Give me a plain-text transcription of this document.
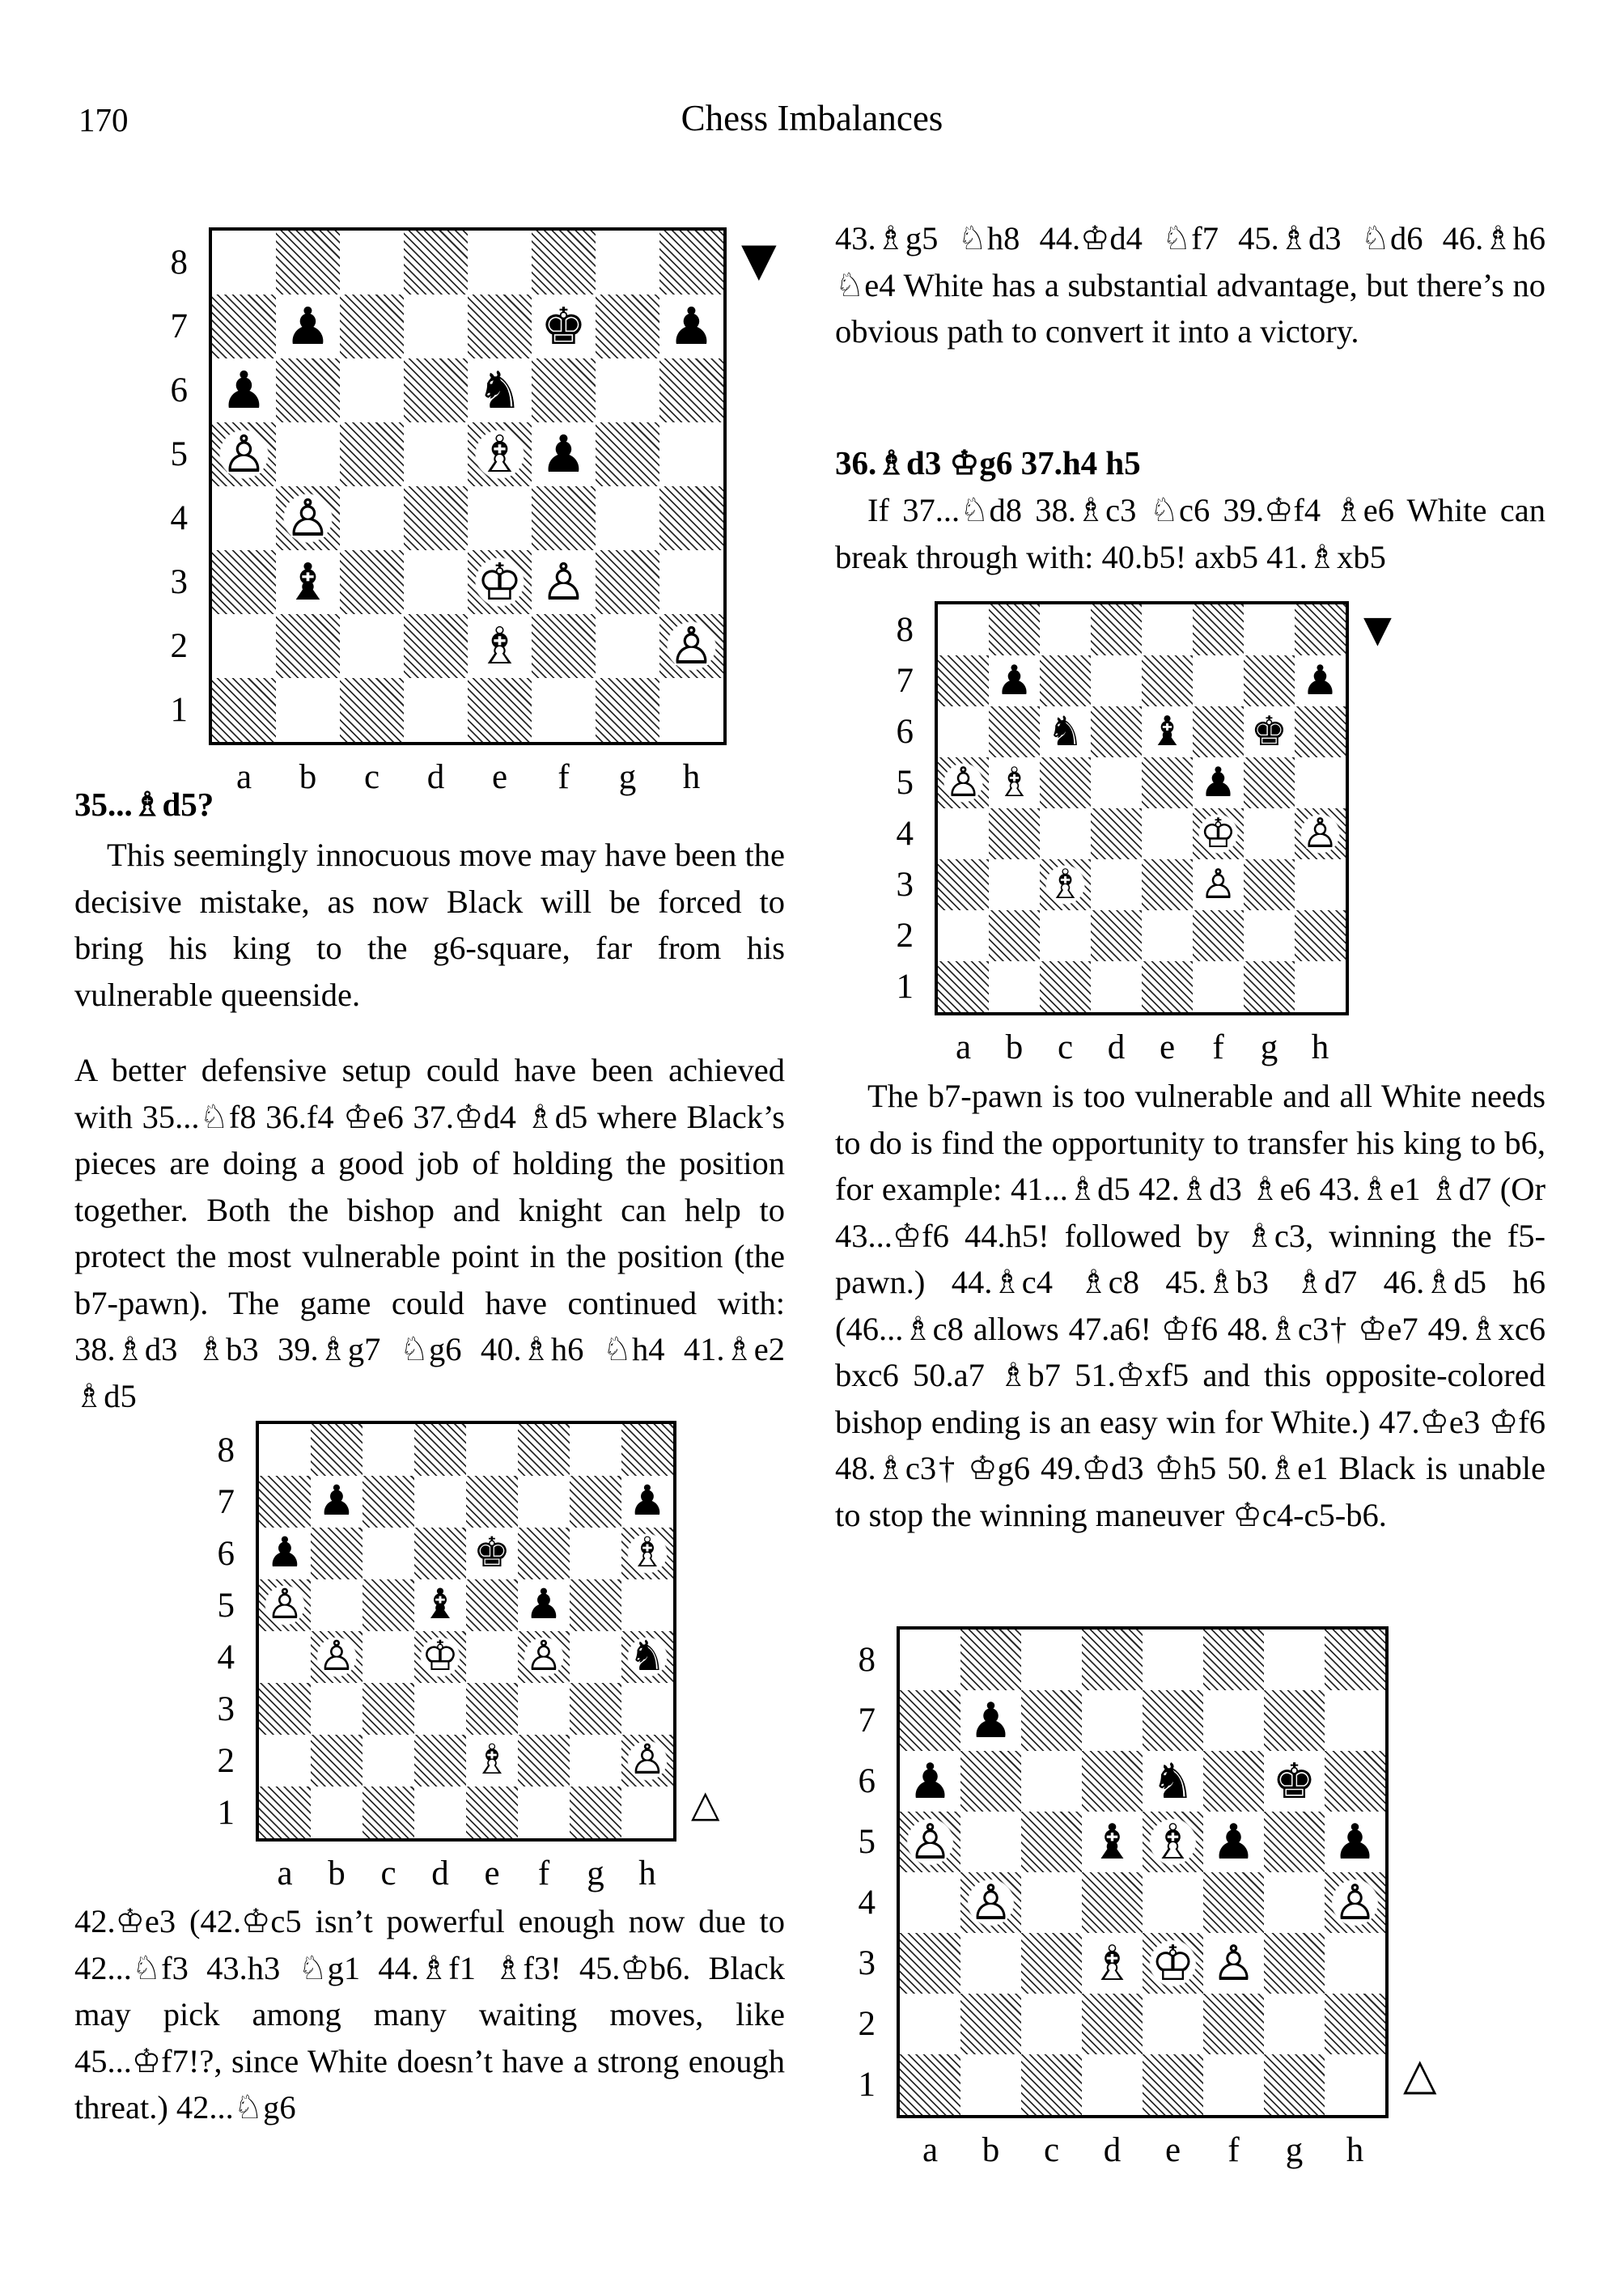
170	Chess Imbalances
8
7
6
5
4
3
2
1
♟	♚ ♟
♟	♞
♙	♗ ♟
♙
♝	♔ ♙
♗	♙
a	b	c	d	e	f	g	h
▼
35...♗d5?

This seemingly innocuous move may have been the decisive mistake, as now Black will be forced to bring his king to the g6-square, far from his vulnerable queenside.

A better defensive setup could have been achieved with 35...♘f8 36.f4 ♔e6 37.♔d4 ♗d5 where Black’s pieces are doing a good job of holding the position together. Both the bishop and knight can help to protect the most vulnerable point in the position (the b7-pawn). The game could have continued with: 38.♗d3 ♗b3 39.♗g7 ♘g6 40.♗h6 ♘h4 41.♗e2 ♗d5

8
7
6
5
4
3
2
1
♟	♟
♟	♚	♗
♙	♝ ♟
♙ ♔ ♙ ♞
♗	♙
a	b	c	d	e	f	g h
△

42.♔e3 (42.♔c5 isn’t powerful enough now due to 42...♘f3 43.h3 ♘g1 44.♗f1 ♗f3! 45.♔b6. Black may pick among many waiting moves, like 45...♔f7!?, since White doesn’t have a strong enough threat.) 42...♘g6

43.♗g5 ♘h8 44.♔d4 ♘f7 45.♗d3 ♘d6 46.♗h6 ♘e4 White has a substantial advantage, but there’s no obvious path to convert it into a victory.

36.♗d3 ♔g6 37.h4 h5

If 37...♘d8 38.♗c3 ♘c6 39.♔f4 ♗e6 White can break through with: 40.b5! axb5 41.♗xb5

8
7
6
5
4
3
2
1
♟	♟
♞ ♝ ♚
♙ ♗	♟
♔ ♙
♗	♙
a b c d e	f	g h
▼

The b7-pawn is too vulnerable and all White needs to do is find the opportunity to transfer his king to b6, for example: 41...♗d5 42.♗d3 ♗e6 43.♗e1 ♗d7 (Or 43...♔f6 44.h5! followed by ♗c3, winning the f5-pawn.) 44.♗c4 ♗c8 45.♗b3 ♗d7 46.♗d5 h6 (46...♗c8 allows 47.a6! ♔f6 48.♗c3† ♔e7 49.♗xc6 bxc6 50.a7 ♗b7 51.♔xf5 and this opposite-colored bishop ending is an easy win for White.) 47.♔e3 ♔f6 48.♗c3† ♔g6 49.♔d3 ♔h5 50.♗e1 Black is unable to stop the winning maneuver ♔c4-c5-b6.

8
7
6
5
4
3
2
1
♟
♟	♞ ♚
♙	♝ ♗ ♟ ♟
♙	♙
♗ ♔ ♙
a	b	c	d	e	f	g	h
△
